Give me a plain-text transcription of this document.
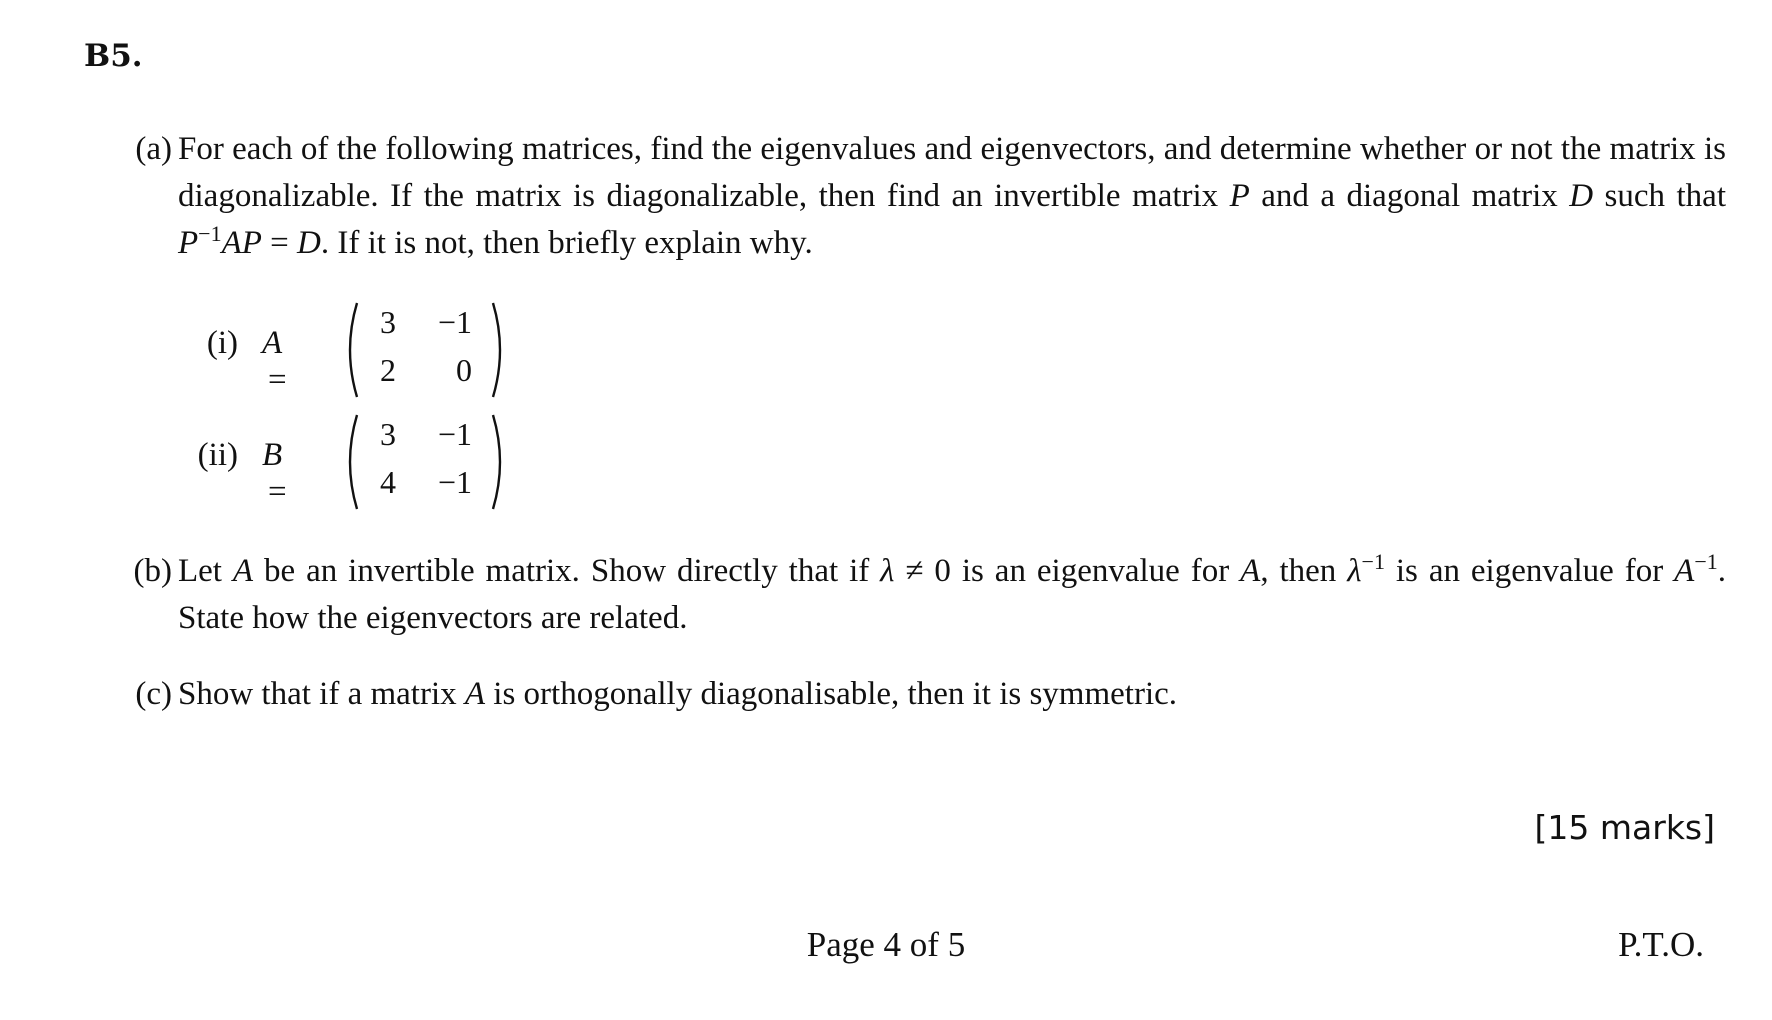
B5.
(a) For each of the following matrices, find the eigenvalues and eigenvectors, and determine whether or not the matrix is diagonalizable. If the matrix is diagonalizable, then find an invertible matrix P and a diagonal matrix D such that $P^{-1}AP = D$. If it is not, then briefly explain why.
(i) A =
3	−1
2	0
(ii) B =
3	−1
4	−1
(b) Let A be an invertible matrix. Show directly that if λ ≠ 0 is an eigenvalue for A, then $\lambda^{-1}$ is an eigenvalue for $A^{-1}$. State how the eigenvectors are related.
(c) Show that if a matrix A is orthogonally diagonalisable, then it is symmetric.
[15 marks]
Page 4 of 5	P.T.O.
